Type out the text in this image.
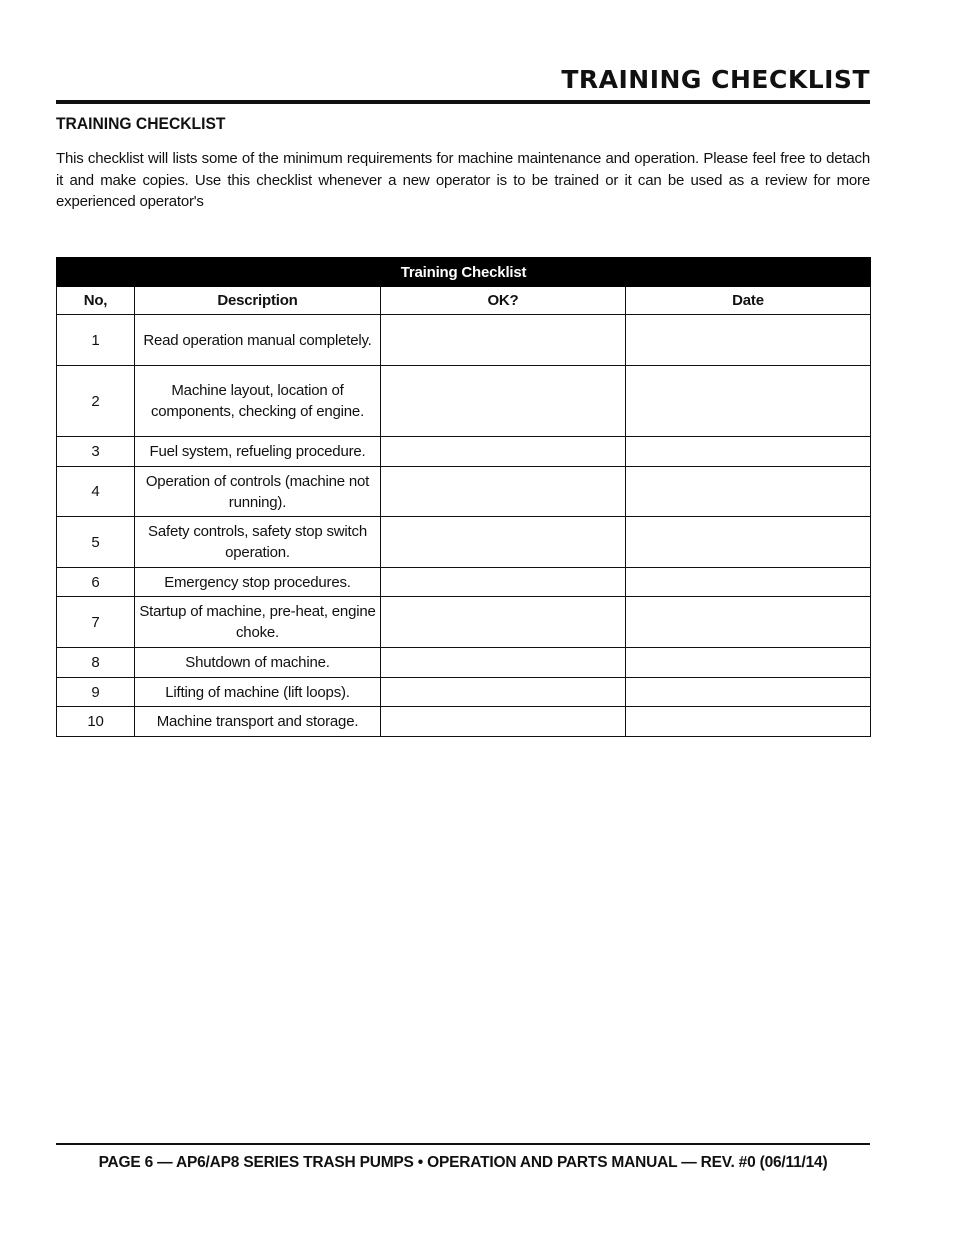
TRAINING CHECKLIST
TRAINING CHECKLIST

This checklist will lists some of the minimum requirements for machine maintenance and operation. Please feel free to detach it and make copies. Use this checklist whenever a new operator is to be trained or it can be used as a review for more experienced operator's

Training Checklist			
No,	Description	OK?	Date
1	Read operation manual completely.		
2	Machine layout, location of components, checking of engine.		
3	Fuel system, refueling procedure.		
4	Operation of controls (machine not running).		
5	Safety controls, safety stop switch operation.		
6	Emergency stop procedures.		
7	Startup of machine, pre-heat, engine choke.		
8	Shutdown of machine.		
9	Lifting of machine (lift loops).		
10	Machine transport and storage.		
PAGE 6 — AP6/AP8 SERIES TRASH PUMPS • OPERATION AND PARTS MANUAL — REV. #0 (06/11/14)
